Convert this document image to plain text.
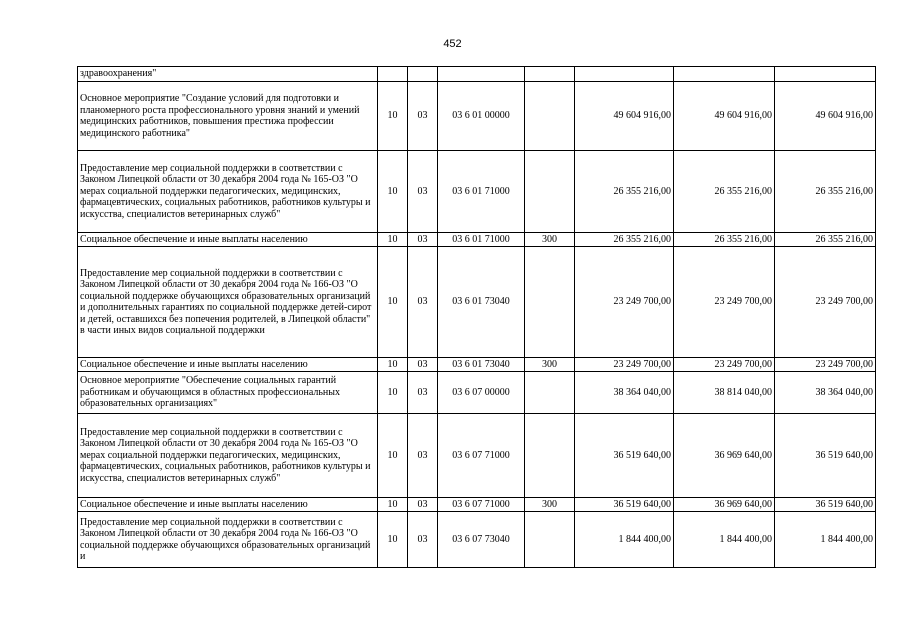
452
здравоохранения"							
Основное мероприятие "Создание условий для подготовки и планомерного роста профессионального уровня знаний и умений медицинских работников, повышения престижа профессии медицинского работника"	10	03	03 6 01 00000		49 604 916,00	49 604 916,00	49 604 916,00
Предоставление мер социальной поддержки в соответствии с Законом Липецкой области от 30 декабря 2004 года № 165-ОЗ "О мерах социальной поддержки педагогических, медицинских, фармацевтических, социальных работников, работников культуры и искусства, специалистов ветеринарных служб"	10	03	03 6 01 71000		26 355 216,00	26 355 216,00	26 355 216,00
Социальное обеспечение и иные выплаты населению	10	03	03 6 01 71000	300	26 355 216,00	26 355 216,00	26 355 216,00
Предоставление мер социальной поддержки в соответствии с Законом Липецкой области от 30 декабря 2004 года № 166-ОЗ "О социальной поддержке обучающихся образовательных организаций и дополнительных гарантиях по социальной поддержке детей-сирот и детей, оставшихся без попечения родителей, в Липецкой области" в части иных видов социальной поддержки	10	03	03 6 01 73040		23 249 700,00	23 249 700,00	23 249 700,00
Социальное обеспечение и иные выплаты населению	10	03	03 6 01 73040	300	23 249 700,00	23 249 700,00	23 249 700,00
Основное мероприятие "Обеспечение социальных гарантий работникам и обучающимся в областных профессиональных образовательных организациях"	10	03	03 6 07 00000		38 364 040,00	38 814 040,00	38 364 040,00
Предоставление мер социальной поддержки в соответствии с Законом Липецкой области от 30 декабря 2004 года № 165-ОЗ "О мерах социальной поддержки педагогических, медицинских, фармацевтических, социальных работников, работников культуры и искусства, специалистов ветеринарных служб"	10	03	03 6 07 71000		36 519 640,00	36 969 640,00	36 519 640,00
Социальное обеспечение и иные выплаты населению	10	03	03 6 07 71000	300	36 519 640,00	36 969 640,00	36 519 640,00
Предоставление мер социальной поддержки в соответствии с Законом Липецкой области от 30 декабря 2004 года № 166-ОЗ "О социальной поддержке обучающихся образовательных организаций и	10	03	03 6 07 73040		1 844 400,00	1 844 400,00	1 844 400,00
